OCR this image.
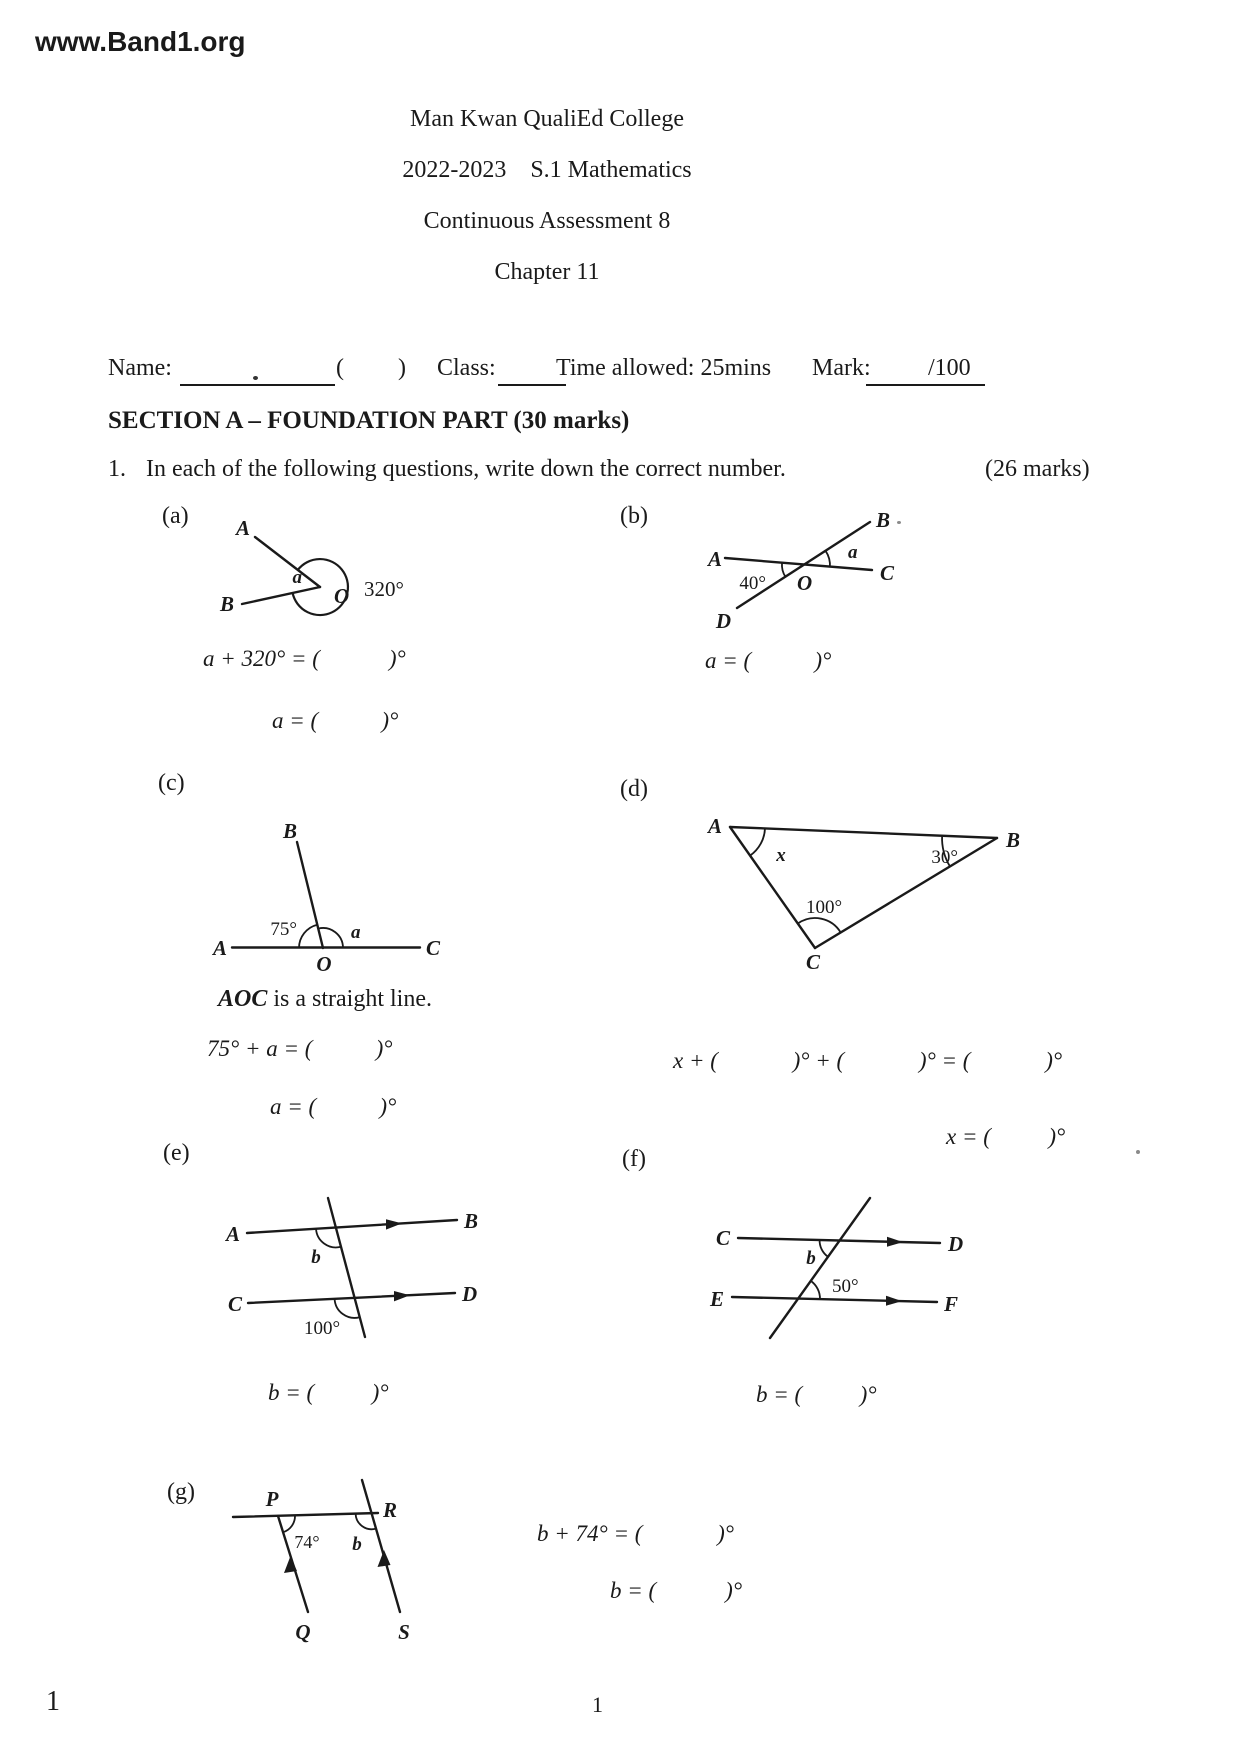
www.Band1.org
Man Kwan QualiEd College
2022-2023    S.1 Mathematics
Continuous Assessment 8
Chapter 11
Name:	(         ) Class:	Time allowed: 25mins Mark: /100
SECTION A – FOUNDATION PART (30 marks)
1. In each of the following questions, write down the correct number.	(26 marks)
(a)	(b)
(c)	(d)
(e)	(f)
(g)
A
B
a
O 320°
A
B
C
D
O
40°
a
B
A	C
O
75°	a
A
B
C
x	30°
100°
A
B
C	D
b
100°
C	D
E	F
b
50°
P	R
Q	S
74° b
a + 320° = (            )°
a = (           )°
a = (           )°
AOC is a straight line.
75° + a = (           )°
a = (           )°
x + (             )° + (             )° = (             )°
x = (          )°
b = (          )°	b = (          )°
b + 74° = (             )°
b = (            )°
1	1
